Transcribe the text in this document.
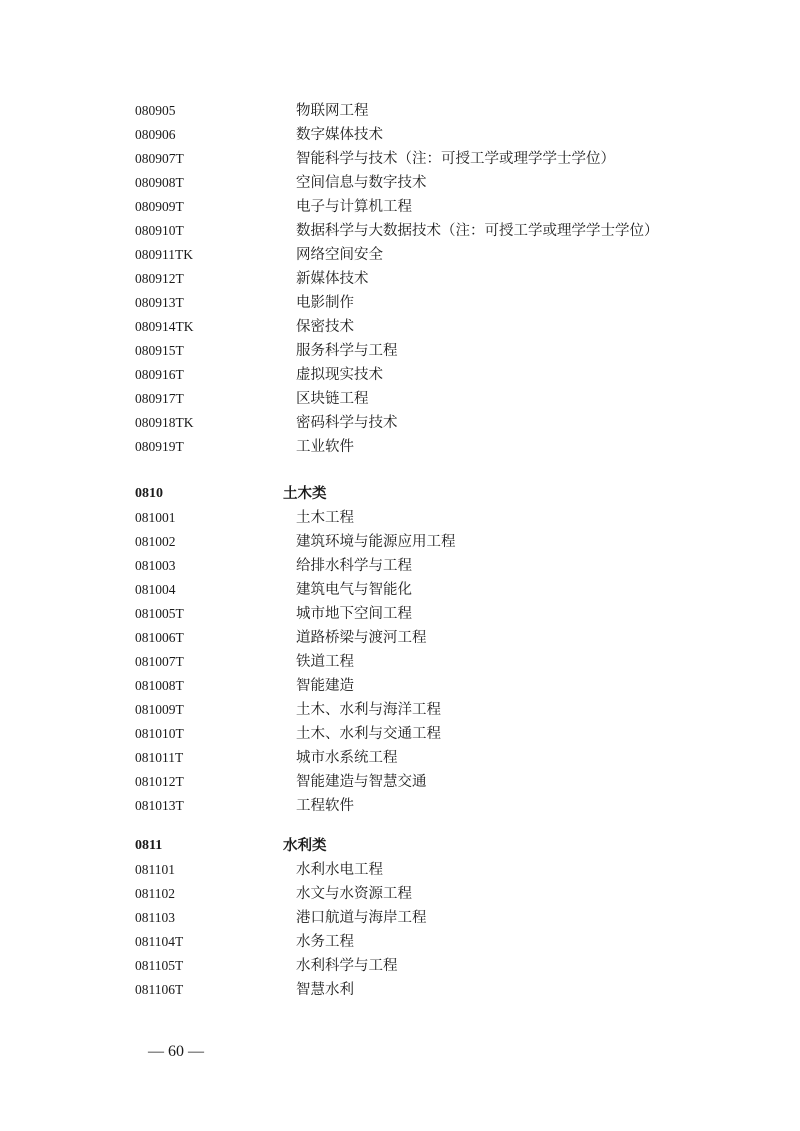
080905	物联网工程
080906	数字媒体技术
080907T	智能科学与技术（注：可授工学或理学学士学位）
080908T	空间信息与数字技术
080909T	电子与计算机工程
080910T	数据科学与大数据技术（注：可授工学或理学学士学位）
080911TK	网络空间安全
080912T	新媒体技术
080913T	电影制作
080914TK	保密技术
080915T	服务科学与工程
080916T	虚拟现实技术
080917T	区块链工程
080918TK	密码科学与技术
080919T	工业软件
0810	土木类
081001	土木工程
081002	建筑环境与能源应用工程
081003	给排水科学与工程
081004	建筑电气与智能化
081005T	城市地下空间工程
081006T	道路桥梁与渡河工程
081007T	铁道工程
081008T	智能建造
081009T	土木、水利与海洋工程
081010T	土木、水利与交通工程
081011T	城市水系统工程
081012T	智能建造与智慧交通
081013T	工程软件
0811	水利类
081101	水利水电工程
081102	水文与水资源工程
081103	港口航道与海岸工程
081104T	水务工程
081105T	水利科学与工程
081106T	智慧水利
— 60 —
